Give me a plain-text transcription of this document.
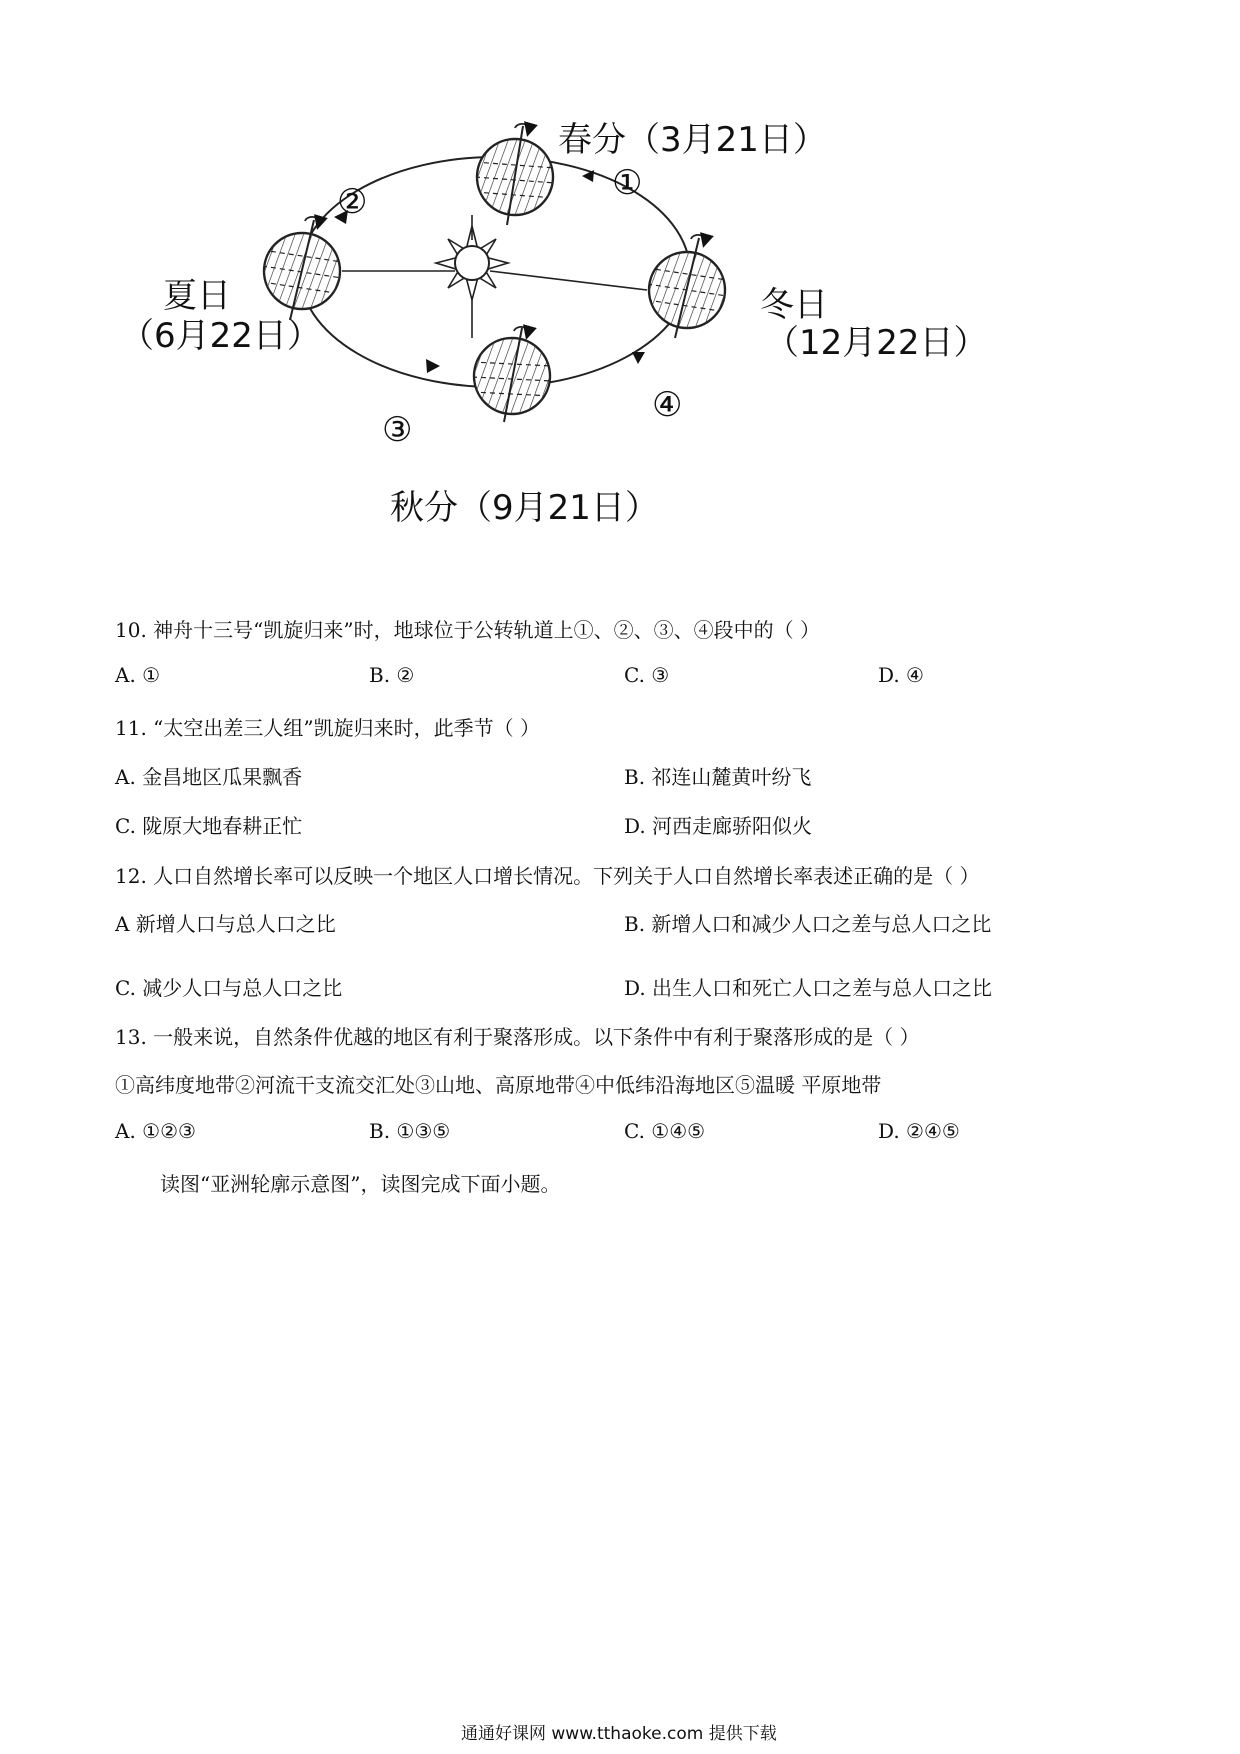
春分（3月21日）
夏日
（6月22日）
冬日
（12月22日）
秋分（9月21日）
①
②
③
④
10. 神舟十三号“凯旋归来”时，地球位于公转轨道上①、②、③、④段中的（ ）
A. ①	B. ②	C. ③	D. ④
11. “太空出差三人组”凯旋归来时，此季节（ ）
A. 金昌地区瓜果飘香	B. 祁连山麓黄叶纷飞
C. 陇原大地春耕正忙	D. 河西走廊骄阳似火
12. 人口自然增长率可以反映一个地区人口增长情况。下列关于人口自然增长率表述正确的是（ ）
A 新增人口与总人口之比	B. 新增人口和减少人口之差与总人口之比
C. 减少人口与总人口之比	D. 出生人口和死亡人口之差与总人口之比
13. 一般来说，自然条件优越的地区有利于聚落形成。以下条件中有利于聚落形成的是（ ）
①高纬度地带②河流干支流交汇处③山地、高原地带④中低纬沿海地区⑤温暖 平原地带
A. ①②③	B. ①③⑤	C. ①④⑤	D. ②④⑤
读图“亚洲轮廓示意图”，读图完成下面小题。
通通好课网 www.tthaoke.com 提供下载
